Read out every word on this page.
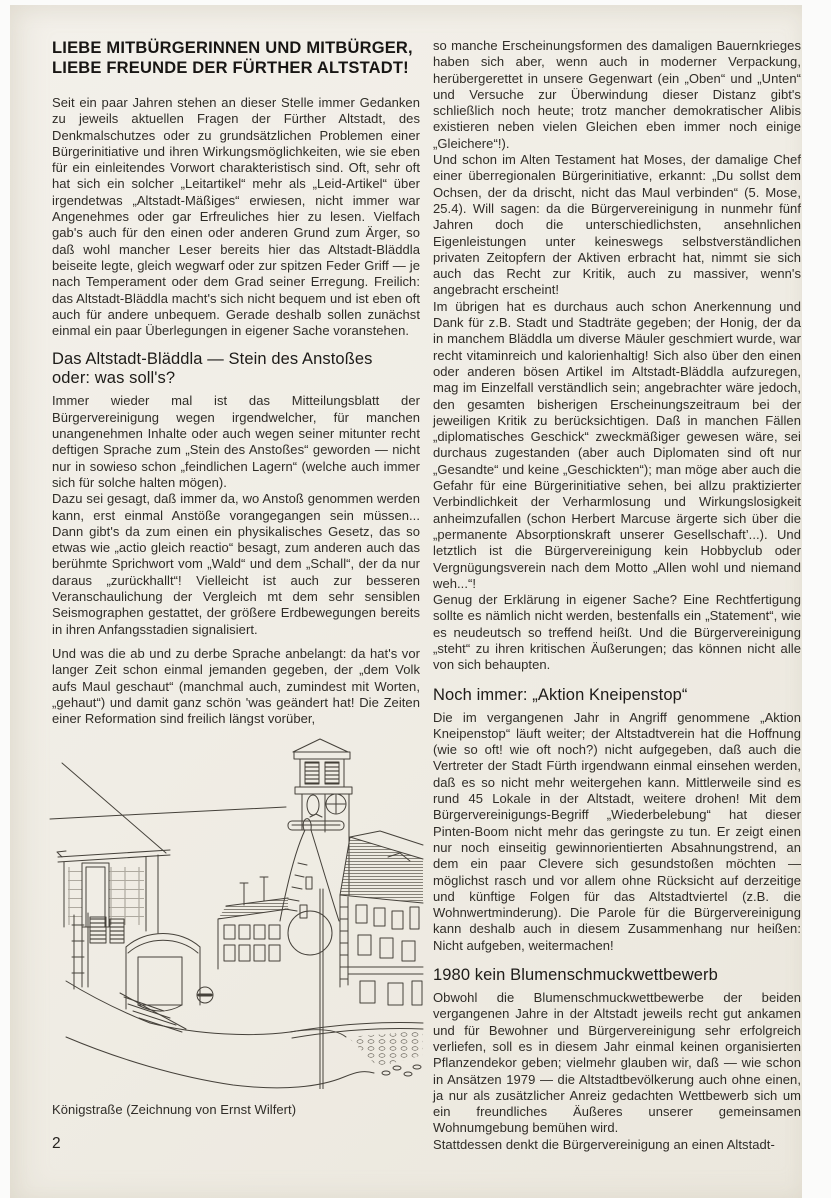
LIEBE MITBÜRGERINNEN UND MITBÜRGER,
LIEBE FREUNDE DER FÜRTHER ALTSTADT!

Seit ein paar Jahren stehen an dieser Stelle immer Gedanken zu jeweils aktuellen Fragen der Fürther Altstadt, des Denkmalschutzes oder zu grundsätzlichen Problemen einer Bürgerinitiative und ihren Wirkungsmöglichkeiten, wie sie eben für ein einleitendes Vorwort charakteristisch sind. Oft, sehr oft hat sich ein solcher „Leitartikel“ mehr als „Leid-Artikel“ über irgendetwas „Altstadt-Mäßiges“ erwiesen, nicht immer war Angenehmes oder gar Erfreuliches hier zu lesen. Vielfach gab's auch für den einen oder anderen Grund zum Ärger, so daß wohl mancher Leser bereits hier das Altstadt-Bläddla beiseite legte, gleich wegwarf oder zur spitzen Feder Griff — je nach Temperament oder dem Grad seiner Erregung. Freilich: das Altstadt-Bläddla macht's sich nicht bequem und ist eben oft auch für andere unbequem. Gerade deshalb sollen zunächst einmal ein paar Überlegungen in eigener Sache voranstehen.

Das Altstadt-Bläddla — Stein des Anstoßes
oder: was soll's?

Immer wieder mal ist das Mitteilungsblatt der Bürgervereinigung wegen irgendwelcher, für manchen unangenehmen Inhalte oder auch wegen seiner mitunter recht deftigen Sprache zum „Stein des Anstoßes“ geworden — nicht nur in sowieso schon „feindlichen Lagern“ (welche auch immer sich für solche halten mögen).

Dazu sei gesagt, daß immer da, wo Anstoß genommen werden kann, erst einmal Anstöße vorangegangen sein müssen... Dann gibt's da zum einen ein physikalisches Gesetz, das so etwas wie „actio gleich reactio“ besagt, zum anderen auch das berühmte Sprichwort vom „Wald“ und dem „Schall“, der da nur daraus „zurückhallt“! Vielleicht ist auch zur besseren Veranschaulichung der Vergleich mt dem sehr sensiblen Seismographen gestattet, der größere Erdbewegungen bereits in ihren Anfangsstadien signalisiert.

Und was die ab und zu derbe Sprache anbelangt: da hat's vor langer Zeit schon einmal jemanden gegeben, der „dem Volk aufs Maul geschaut“ (manchmal auch, zumindest mit Worten, „gehaut“) und damit ganz schön 'was geändert hat! Die Zeiten einer Reformation sind freilich längst vorüber,

Königstraße (Zeichnung von Ernst Wilfert)
2

so manche Erscheinungsformen des damaligen Bauernkrieges haben sich aber, wenn auch in moderner Verpackung, herübergerettet in unsere Gegenwart (ein „Oben“ und „Unten“ und Versuche zur Überwindung dieser Distanz gibt's schließlich noch heute; trotz mancher demokratischer Alibis existieren neben vielen Gleichen eben immer noch einige „Gleichere“!).

Und schon im Alten Testament hat Moses, der damalige Chef einer überregionalen Bürgerinitiative, erkannt: „Du sollst dem Ochsen, der da drischt, nicht das Maul verbinden“ (5. Mose, 25.4). Will sagen: da die Bürgervereinigung in nunmehr fünf Jahren doch die unterschiedlichsten, ansehnlichen Eigenleistungen unter keineswegs selbstverständlichen privaten Zeitopfern der Aktiven erbracht hat, nimmt sie sich auch das Recht zur Kritik, auch zu massiver, wenn's angebracht erscheint!

Im übrigen hat es durchaus auch schon Anerkennung und Dank für z.B. Stadt und Stadträte gegeben; der Honig, der da in manchem Bläddla um diverse Mäuler geschmiert wurde, war recht vitaminreich und kalorienhaltig! Sich also über den einen oder anderen bösen Artikel im Altstadt-Bläddla aufzuregen, mag im Einzelfall verständlich sein; angebrachter wäre jedoch, den gesamten bisherigen Erscheinungszeitraum bei der jeweiligen Kritik zu berücksichtigen. Daß in manchen Fällen „diplomatisches Geschick“ zweckmäßiger gewesen wäre, sei durchaus zugestanden (aber auch Diplomaten sind oft nur „Gesandte“ und keine „Geschickten“); man möge aber auch die Gefahr für eine Bürgerinitiative sehen, bei allzu praktizierter Verbindlichkeit der Verharmlosung und Wirkungslosigkeit anheimzufallen (schon Herbert Marcuse ärgerte sich über die „permanente Absorptionskraft unserer Gesellschaft’...). Und letztlich ist die Bürgervereinigung kein Hobbyclub oder Vergnügungsverein nach dem Motto „Allen wohl und niemand weh...“!

Genug der Erklärung in eigener Sache? Eine Rechtfertigung sollte es nämlich nicht werden, bestenfalls ein „Statement“, wie es neudeutsch so treffend heißt. Und die Bürgervereinigung „steht“ zu ihren kritischen Äußerungen; das können nicht alle von sich behaupten.

Noch immer: „Aktion Kneipenstop“

Die im vergangenen Jahr in Angriff genommene „Aktion Kneipenstop“ läuft weiter; der Altstadtverein hat die Hoffnung (wie so oft! wie oft noch?) nicht aufgegeben, daß auch die Vertreter der Stadt Fürth irgendwann einmal einsehen werden, daß es so nicht mehr weitergehen kann. Mittlerweile sind es rund 45 Lokale in der Altstadt, weitere drohen! Mit dem Bürgervereinigungs-Begriff „Wiederbelebung“ hat dieser Pinten-Boom nicht mehr das geringste zu tun. Er zeigt einen nur noch einseitig gewinnorientierten Absahnungstrend, an dem ein paar Clevere sich gesundstoßen möchten — möglichst rasch und vor allem ohne Rücksicht auf derzeitige und künftige Folgen für das Altstadtviertel (z.B. die Wohnwertminderung). Die Parole für die Bürgervereinigung kann deshalb auch in diesem Zusammenhang nur heißen: Nicht aufgeben, weitermachen!

1980 kein Blumenschmuckwettbewerb

Obwohl die Blumenschmuckwettbewerbe der beiden vergangenen Jahre in der Altstadt jeweils recht gut ankamen und für Bewohner und Bürgervereinigung sehr erfolgreich verliefen, soll es in diesem Jahr einmal keinen organisierten Pflanzendekor geben; vielmehr glauben wir, daß — wie schon in Ansätzen 1979 — die Altstadtbevölkerung auch ohne einen, ja nur als zusätzlicher Anreiz gedachten Wettbewerb sich um ein freundliches Äußeres unserer gemeinsamen Wohnumgebung bemühen wird.

Stattdessen denkt die Bürgervereinigung an einen Altstadt-
